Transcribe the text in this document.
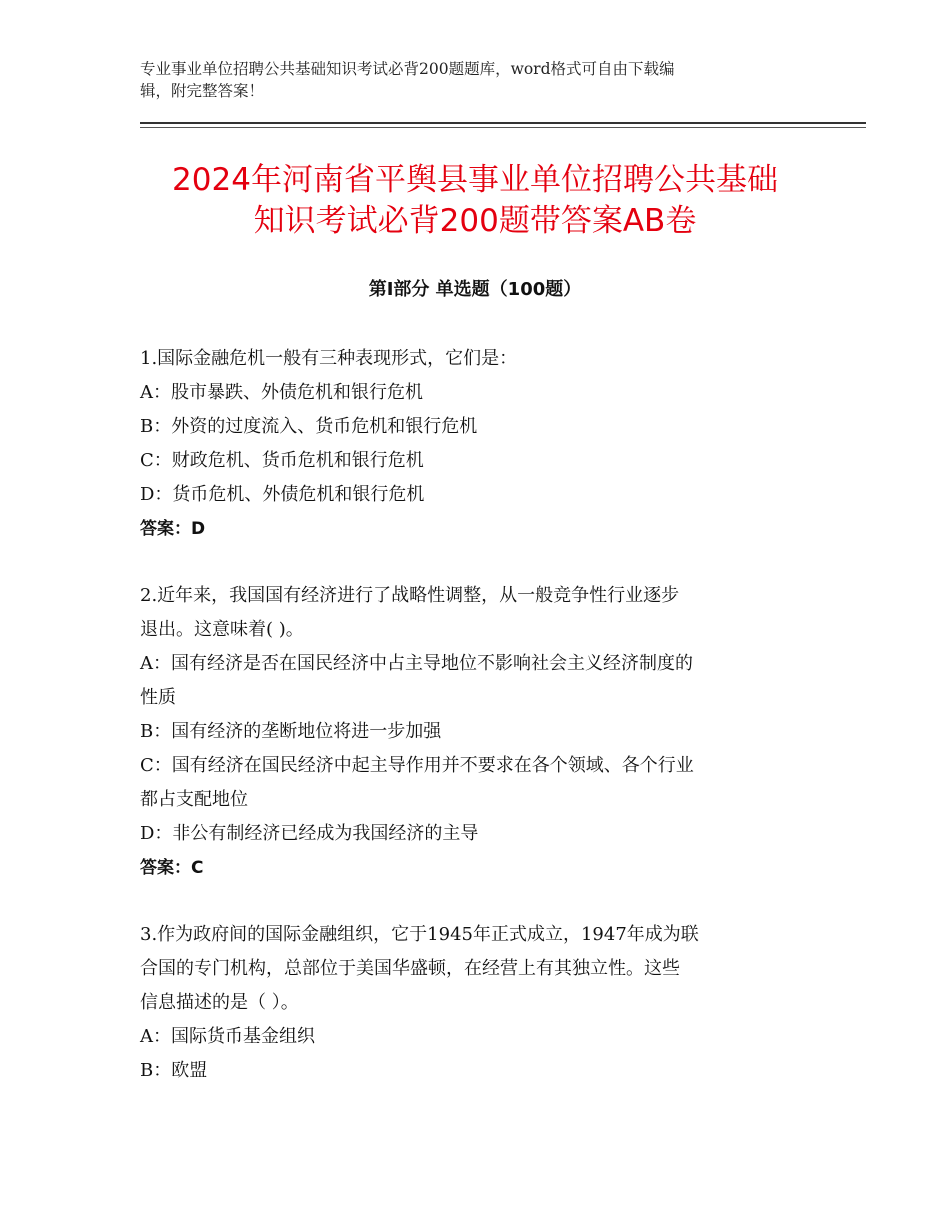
专业事业单位招聘公共基础知识考试必背200题题库，word格式可自由下载编
辑，附完整答案！
2024年河南省平舆县事业单位招聘公共基础
知识考试必背200题带答案AB卷
第Ⅰ部分 单选题（100题）
1.国际金融危机一般有三种表现形式，它们是：
A：股市暴跌、外债危机和银行危机
B：外资的过度流入、货币危机和银行危机
C：财政危机、货币危机和银行危机
D：货币危机、外债危机和银行危机
答案：D
2.近年来，我国国有经济进行了战略性调整，从一般竞争性行业逐步
退出。这意味着( )。
A：国有经济是否在国民经济中占主导地位不影响社会主义经济制度的
性质
B：国有经济的垄断地位将进一步加强
C：国有经济在国民经济中起主导作用并不要求在各个领域、各个行业
都占支配地位
D：非公有制经济已经成为我国经济的主导
答案：C
3.作为政府间的国际金融组织，它于1945年正式成立，1947年成为联
合国的专门机构，总部位于美国华盛顿，在经营上有其独立性。这些
信息描述的是（ ）。
A：国际货币基金组织
B：欧盟
